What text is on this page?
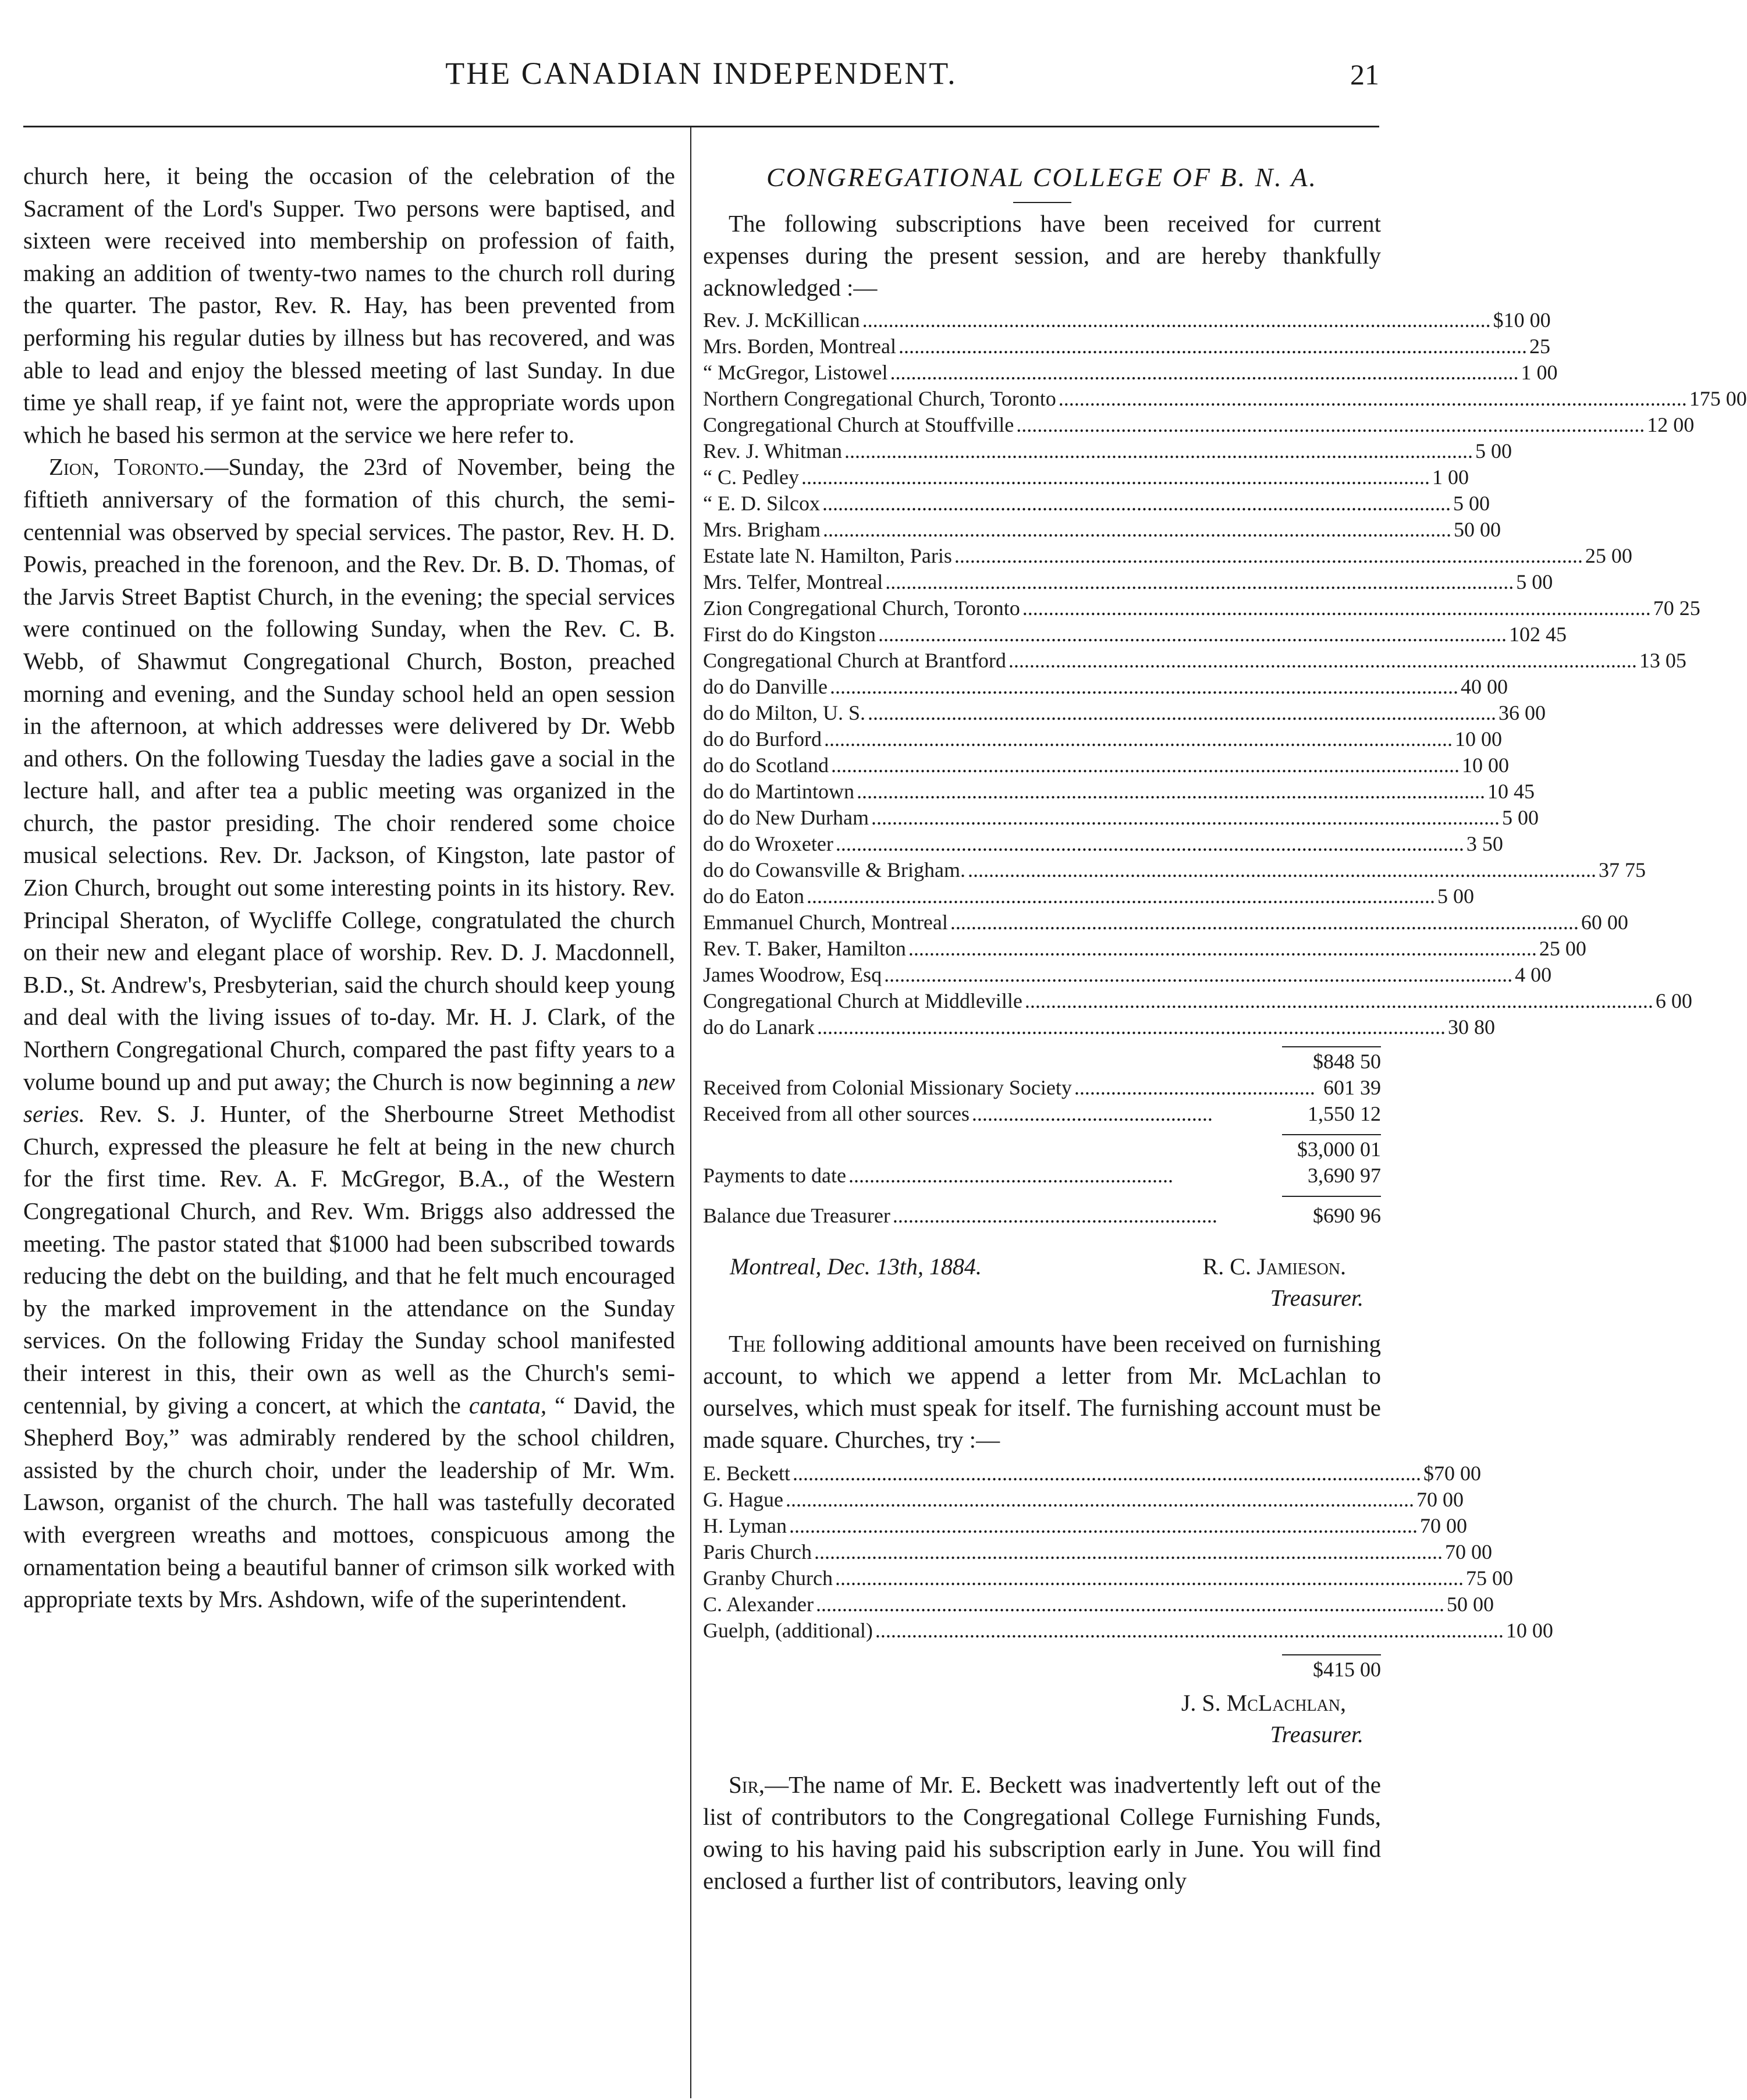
THE CANADIAN INDEPENDENT.	21

church here, it being the occasion of the celebration of the Sacrament of the Lord's Supper. Two persons were baptised, and sixteen were received into membership on profession of faith, making an addition of twenty-two names to the church roll during the quarter. The pastor, Rev. R. Hay, has been prevented from performing his regular duties by illness but has recovered, and was able to lead and enjoy the blessed meeting of last Sunday. In due time ye shall reap, if ye faint not, were the appropriate words upon which he based his sermon at the service we here refer to.

Zion, Toronto.—Sunday, the 23rd of November, being the fiftieth anniversary of the formation of this church, the semi-centennial was observed by special services. The pastor, Rev. H. D. Powis, preached in the forenoon, and the Rev. Dr. B. D. Thomas, of the Jarvis Street Baptist Church, in the evening; the special services were continued on the following Sunday, when the Rev. C. B. Webb, of Shawmut Congregational Church, Boston, preached morning and evening, and the Sunday school held an open session in the afternoon, at which addresses were delivered by Dr. Webb and others. On the following Tuesday the ladies gave a social in the lecture hall, and after tea a public meeting was organized in the church, the pastor presiding. The choir rendered some choice musical selections. Rev. Dr. Jackson, of Kingston, late pastor of Zion Church, brought out some interesting points in its history. Rev. Principal Sheraton, of Wycliffe College, congratulated the church on their new and elegant place of worship. Rev. D. J. Macdonnell, B.D., St. Andrew's, Presbyterian, said the church should keep young and deal with the living issues of to-day. Mr. H. J. Clark, of the Northern Congregational Church, compared the past fifty years to a volume bound up and put away; the Church is now beginning a new series. Rev. S. J. Hunter, of the Sherbourne Street Methodist Church, expressed the pleasure he felt at being in the new church for the first time. Rev. A. F. McGregor, B.A., of the Western Congregational Church, and Rev. Wm. Briggs also addressed the meeting. The pastor stated that $1000 had been subscribed towards reducing the debt on the building, and that he felt much encouraged by the marked improvement in the attendance on the Sunday services. On the following Friday the Sunday school manifested their interest in this, their own as well as the Church's semi-centennial, by giving a concert, at which the cantata, “ David, the Shepherd Boy,” was admirably rendered by the school children, assisted by the church choir, under the leadership of Mr. Wm. Lawson, organist of the church. The hall was tastefully decorated with evergreen wreaths and mottoes, conspicuous among the ornamentation being a beautiful banner of crimson silk worked with appropriate texts by Mrs. Ashdown, wife of the superintendent.

CONGREGATIONAL COLLEGE OF B. N. A.

The following subscriptions have been received for current expenses during the present session, and are hereby thankfully acknowledged :—

Rev. J. McKillican ........................................................................................................................ $10 00
Mrs. Borden, Montreal ........................................................................................................................ 25
“ McGregor, Listowel ........................................................................................................................ 1 00
Northern Congregational Church, Toronto ........................................................................................................................ 175 00
Congregational Church at Stouffville ........................................................................................................................ 12 00
Rev. J. Whitman ........................................................................................................................ 5 00
“ C. Pedley ........................................................................................................................ 1 00
“ E. D. Silcox ........................................................................................................................ 5 00
Mrs. Brigham ........................................................................................................................ 50 00
Estate late N. Hamilton, Paris ........................................................................................................................ 25 00
Mrs. Telfer, Montreal ........................................................................................................................ 5 00
Zion Congregational Church, Toronto ........................................................................................................................ 70 25
First do do Kingston ........................................................................................................................ 102 45
Congregational Church at Brantford ........................................................................................................................ 13 05
do do Danville ........................................................................................................................ 40 00
do do Milton, U. S. ........................................................................................................................ 36 00
do do Burford ........................................................................................................................ 10 00
do do Scotland ........................................................................................................................ 10 00
do do Martintown ........................................................................................................................ 10 45
do do New Durham ........................................................................................................................ 5 00
do do Wroxeter ........................................................................................................................ 3 50
do do Cowansville & Brigham. ........................................................................................................................ 37 75
do do Eaton ........................................................................................................................ 5 00
Emmanuel Church, Montreal ........................................................................................................................ 60 00
Rev. T. Baker, Hamilton ........................................................................................................................ 25 00
James Woodrow, Esq ........................................................................................................................ 4 00
Congregational Church at Middleville ........................................................................................................................ 6 00
do do Lanark ........................................................................................................................ 30 80
$848 50
Received from Colonial Missionary Society .............................................. 601 39
Received from all other sources ..............................................	1,550 12
$3,000 01
Payments to date ..............................................................	3,690 97
Balance due Treasurer ..............................................................	$690 96
Montreal, Dec. 13th, 1884.	R. C. Jamieson.
Treasurer.

The following additional amounts have been received on furnishing account, to which we append a letter from Mr. McLachlan to ourselves, which must speak for itself. The furnishing account must be made square. Churches, try :—

E. Beckett ........................................................................................................................ $70 00
G. Hague ........................................................................................................................ 70 00
H. Lyman ........................................................................................................................ 70 00
Paris Church ........................................................................................................................ 70 00
Granby Church ........................................................................................................................ 75 00
C. Alexander ........................................................................................................................ 50 00
Guelph, (additional) ........................................................................................................................ 10 00
$415 00
J. S. McLachlan,
Treasurer.

Sir,—The name of Mr. E. Beckett was inadvertently left out of the list of contributors to the Congregational College Furnishing Funds, owing to his having paid his subscription early in June. You will find enclosed a further list of contributors, leaving only
